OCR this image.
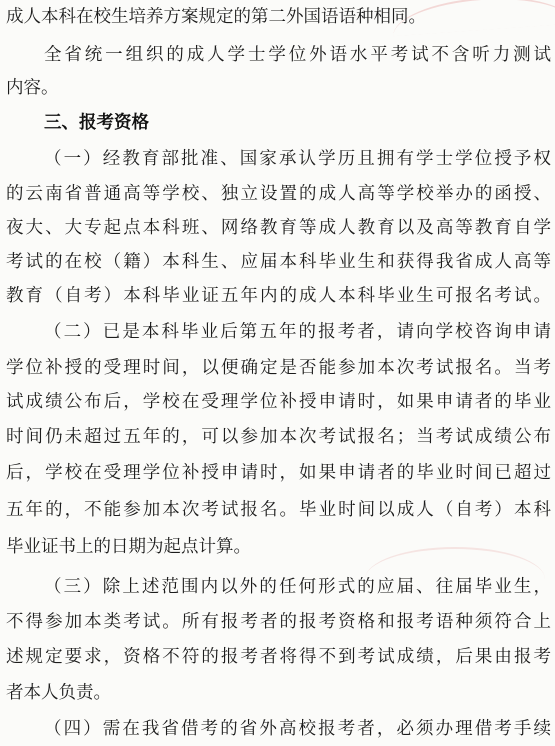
成人本科在校生培养方案规定的第二外国语语种相同。
全省统一组织的成人学士学位外语水平考试不含听力测试
内容。
三、报考资格
（一）经教育部批准、国家承认学历且拥有学士学位授予权
的云南省普通高等学校、独立设置的成人高等学校举办的函授、
夜大、大专起点本科班、网络教育等成人教育以及高等教育自学
考试的在校（籍）本科生、应届本科毕业生和获得我省成人高等
教育（自考）本科毕业证五年内的成人本科毕业生可报名考试。
（二）已是本科毕业后第五年的报考者，请向学校咨询申请
学位补授的受理时间，以便确定是否能参加本次考试报名。当考
试成绩公布后，学校在受理学位补授申请时，如果申请者的毕业
时间仍未超过五年的，可以参加本次考试报名；当考试成绩公布
后，学校在受理学位补授申请时，如果申请者的毕业时间已超过
五年的，不能参加本次考试报名。毕业时间以成人（自考）本科
毕业证书上的日期为起点计算。
（三）除上述范围内以外的任何形式的应届、往届毕业生，
不得参加本类考试。所有报考者的报考资格和报考语种须符合上
述规定要求，资格不符的报考者将得不到考试成绩，后果由报考
者本人负责。
（四）需在我省借考的省外高校报考者，必须办理借考手续
